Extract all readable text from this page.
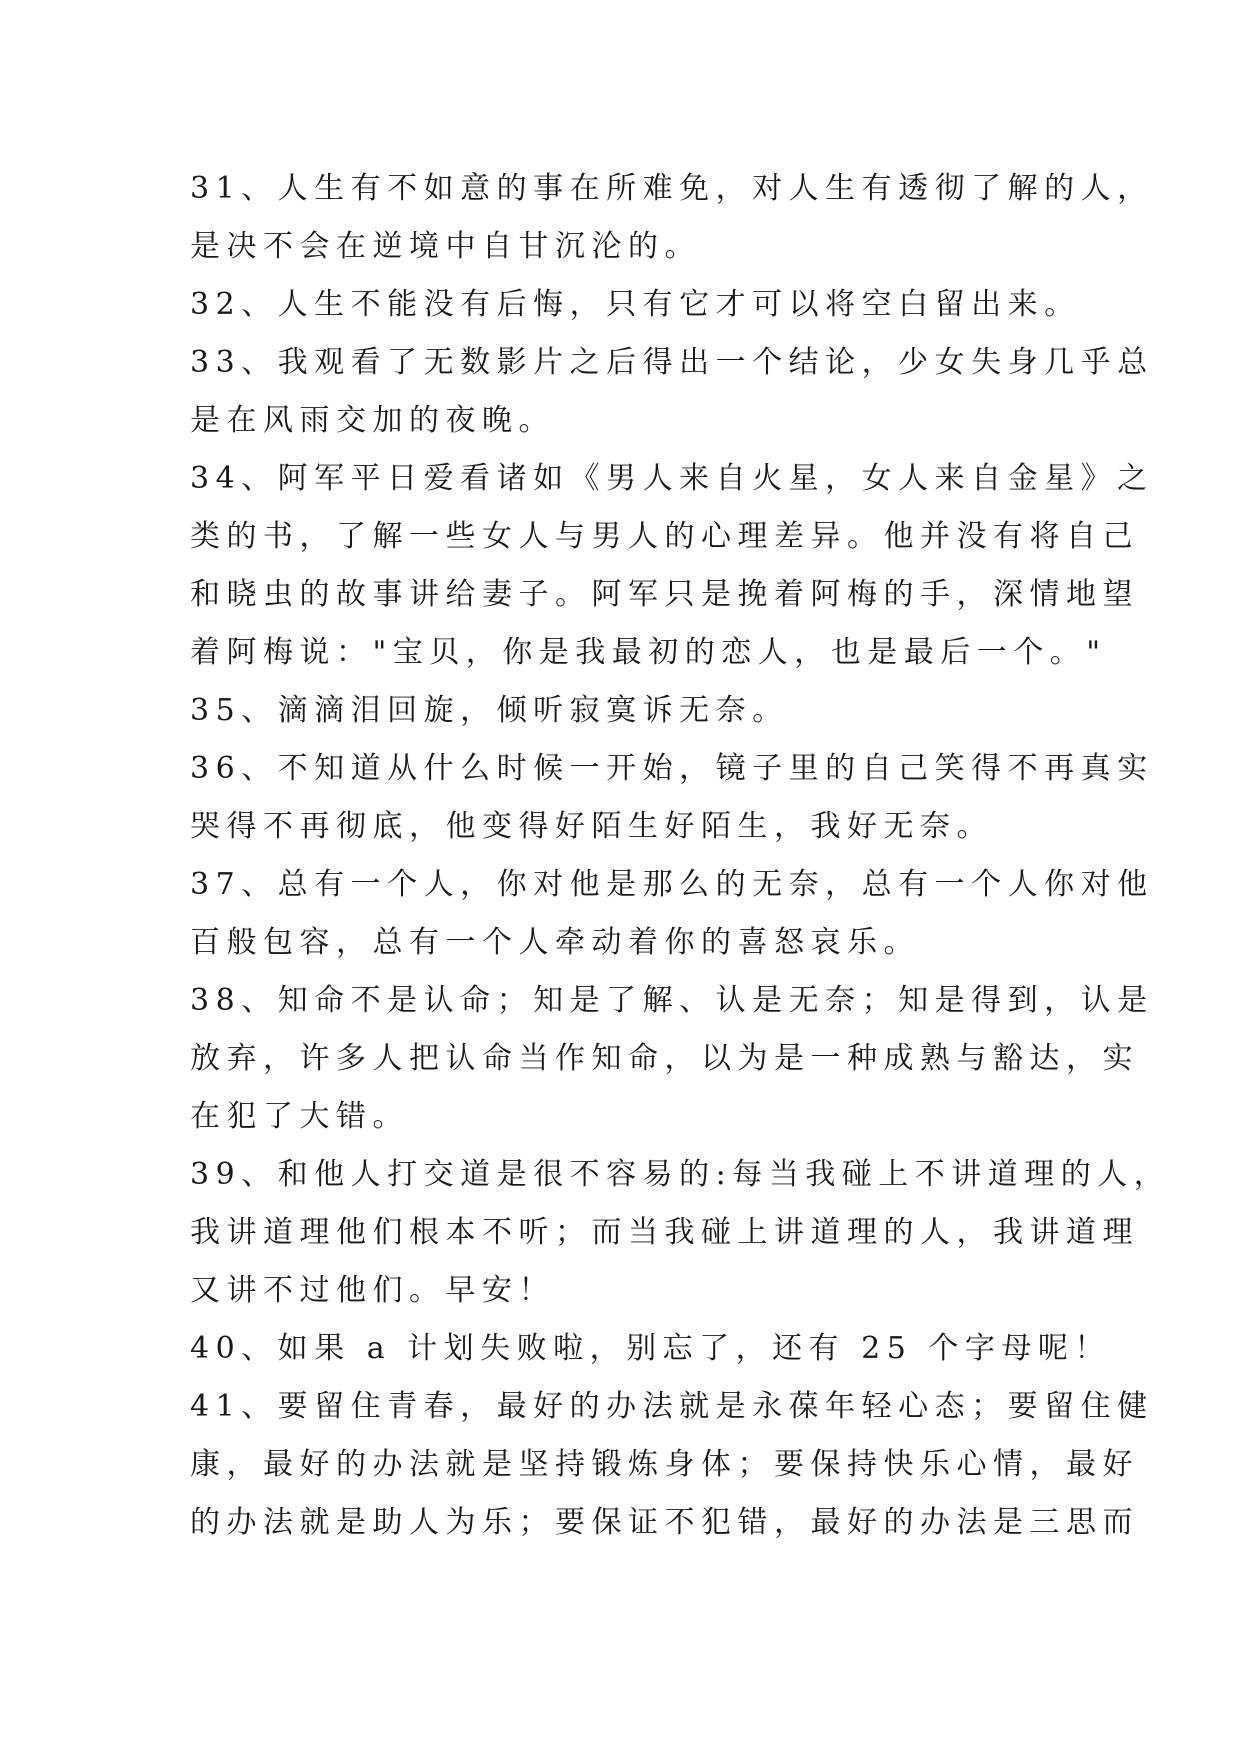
31、人生有不如意的事在所难免，对人生有透彻了解的人，
是决不会在逆境中自甘沉沦的。
32、人生不能没有后悔，只有它才可以将空白留出来。
33、我观看了无数影片之后得出一个结论，少女失身几乎总
是在风雨交加的夜晚。
34、阿军平日爱看诸如《男人来自火星，女人来自金星》之
类的书，了解一些女人与男人的心理差异。他并没有将自己
和晓虫的故事讲给妻子。阿军只是挽着阿梅的手，深情地望
着阿梅说："宝贝，你是我最初的恋人，也是最后一个。"
35、滴滴泪回旋，倾听寂寞诉无奈。
36、不知道从什么时候一开始，镜子里的自己笑得不再真实
哭得不再彻底，他变得好陌生好陌生，我好无奈。
37、总有一个人，你对他是那么的无奈，总有一个人你对他
百般包容，总有一个人牵动着你的喜怒哀乐。
38、知命不是认命；知是了解、认是无奈；知是得到，认是
放弃，许多人把认命当作知命，以为是一种成熟与豁达，实
在犯了大错。
39、和他人打交道是很不容易的:每当我碰上不讲道理的人，
我讲道理他们根本不听；而当我碰上讲道理的人，我讲道理
又讲不过他们。早安！
40、如果 a 计划失败啦，别忘了，还有 25 个字母呢！
41、要留住青春，最好的办法就是永葆年轻心态；要留住健
康，最好的办法就是坚持锻炼身体；要保持快乐心情，最好
的办法就是助人为乐；要保证不犯错，最好的办法是三思而
